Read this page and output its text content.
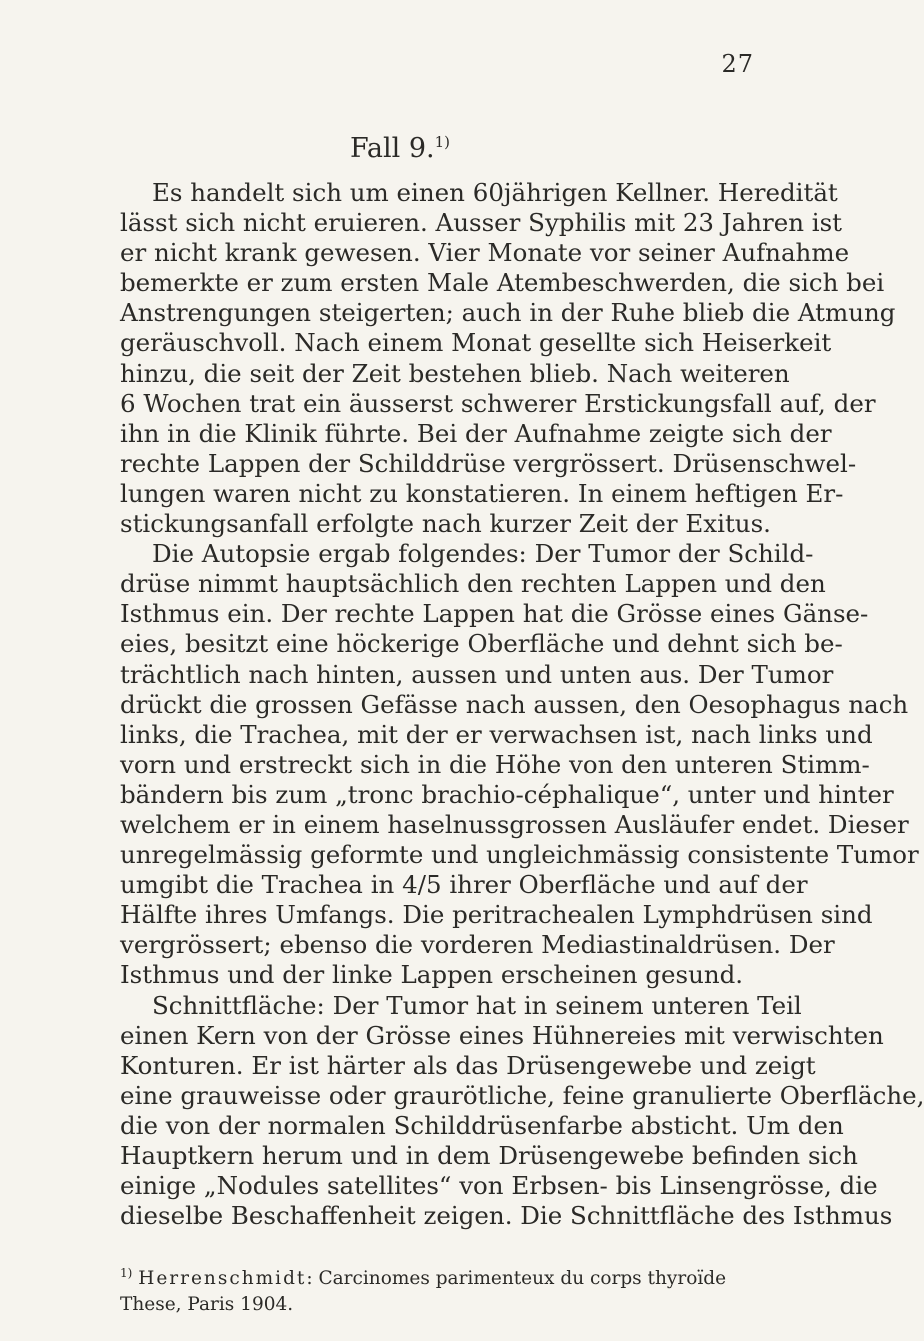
27
Fall 9.$^{1)}$
Es handelt sich um einen 60jährigen Kellner. Heredität
lässt sich nicht eruieren. Ausser Syphilis mit 23 Jahren ist
er nicht krank gewesen. Vier Monate vor seiner Aufnahme
bemerkte er zum ersten Male Atembeschwerden, die sich bei
Anstrengungen steigerten; auch in der Ruhe blieb die Atmung
geräuschvoll. Nach einem Monat gesellte sich Heiserkeit
hinzu, die seit der Zeit bestehen blieb. Nach weiteren
6 Wochen trat ein äusserst schwerer Erstickungsfall auf, der
ihn in die Klinik führte. Bei der Aufnahme zeigte sich der
rechte Lappen der Schilddrüse vergrössert. Drüsenschwel-
lungen waren nicht zu konstatieren. In einem heftigen Er-
stickungsanfall erfolgte nach kurzer Zeit der Exitus.
Die Autopsie ergab folgendes: Der Tumor der Schild-
drüse nimmt hauptsächlich den rechten Lappen und den
Isthmus ein. Der rechte Lappen hat die Grösse eines Gänse-
eies, besitzt eine höckerige Oberfläche und dehnt sich be-
trächtlich nach hinten, aussen und unten aus. Der Tumor
drückt die grossen Gefässe nach aussen, den Oesophagus nach
links, die Trachea, mit der er verwachsen ist, nach links und
vorn und erstreckt sich in die Höhe von den unteren Stimm-
bändern bis zum „tronc brachio-céphalique“, unter und hinter
welchem er in einem haselnussgrossen Ausläufer endet. Dieser
unregelmässig geformte und ungleichmässig consistente Tumor
umgibt die Trachea in 4/5 ihrer Oberfläche und auf der
Hälfte ihres Umfangs. Die peritrachealen Lymphdrüsen sind
vergrössert; ebenso die vorderen Mediastinaldrüsen. Der
Isthmus und der linke Lappen erscheinen gesund.
Schnittfläche: Der Tumor hat in seinem unteren Teil
einen Kern von der Grösse eines Hühnereies mit verwischten
Konturen. Er ist härter als das Drüsengewebe und zeigt
eine grauweisse oder graurötliche, feine granulierte Oberfläche,
die von der normalen Schilddrüsenfarbe absticht. Um den
Hauptkern herum und in dem Drüsengewebe befinden sich
einige „Nodules satellites“ von Erbsen- bis Linsengrösse, die
dieselbe Beschaffenheit zeigen. Die Schnittfläche des Isthmus
$^{1)}$ Herrenschmidt: Carcinomes parimenteux du corps thyroïde
These, Paris 1904.
